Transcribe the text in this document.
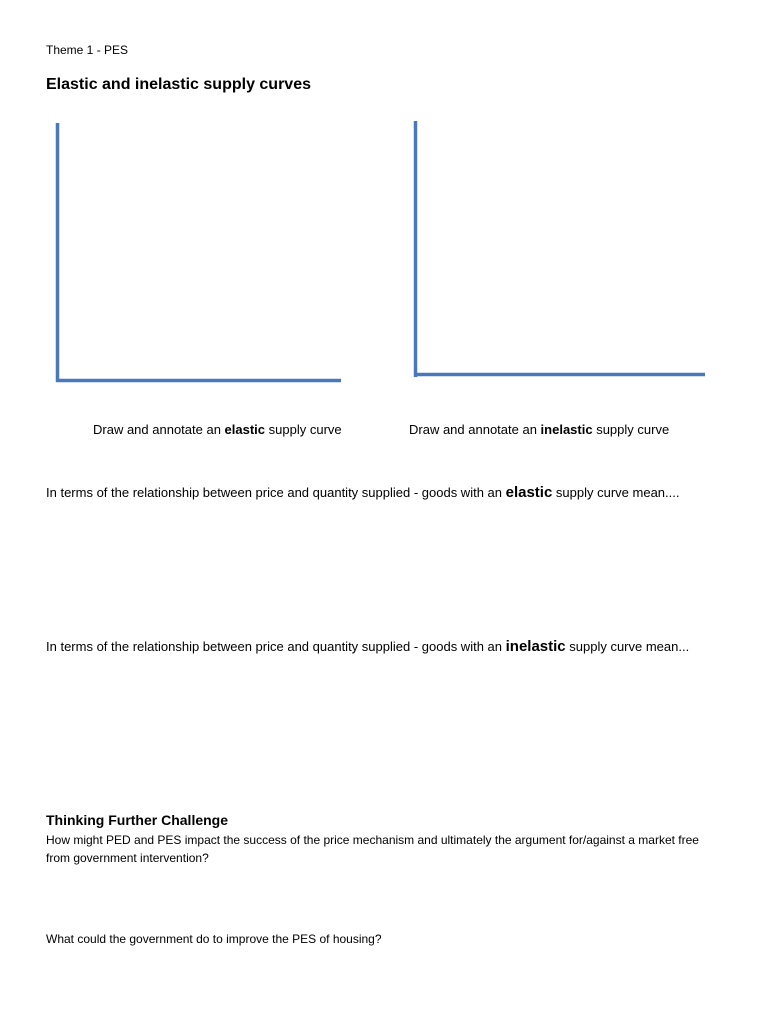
Theme 1 - PES
Elastic and inelastic supply curves
Draw and annotate an elastic supply curve	Draw and annotate an inelastic supply curve
In terms of the relationship between price and quantity supplied - goods with an elastic supply curve mean....
In terms of the relationship between price and quantity supplied - goods with an inelastic supply curve mean...
Thinking Further Challenge
How might PED and PES impact the success of the price mechanism and ultimately the argument for/against a market free from government intervention?
What could the government do to improve the PES of housing?
